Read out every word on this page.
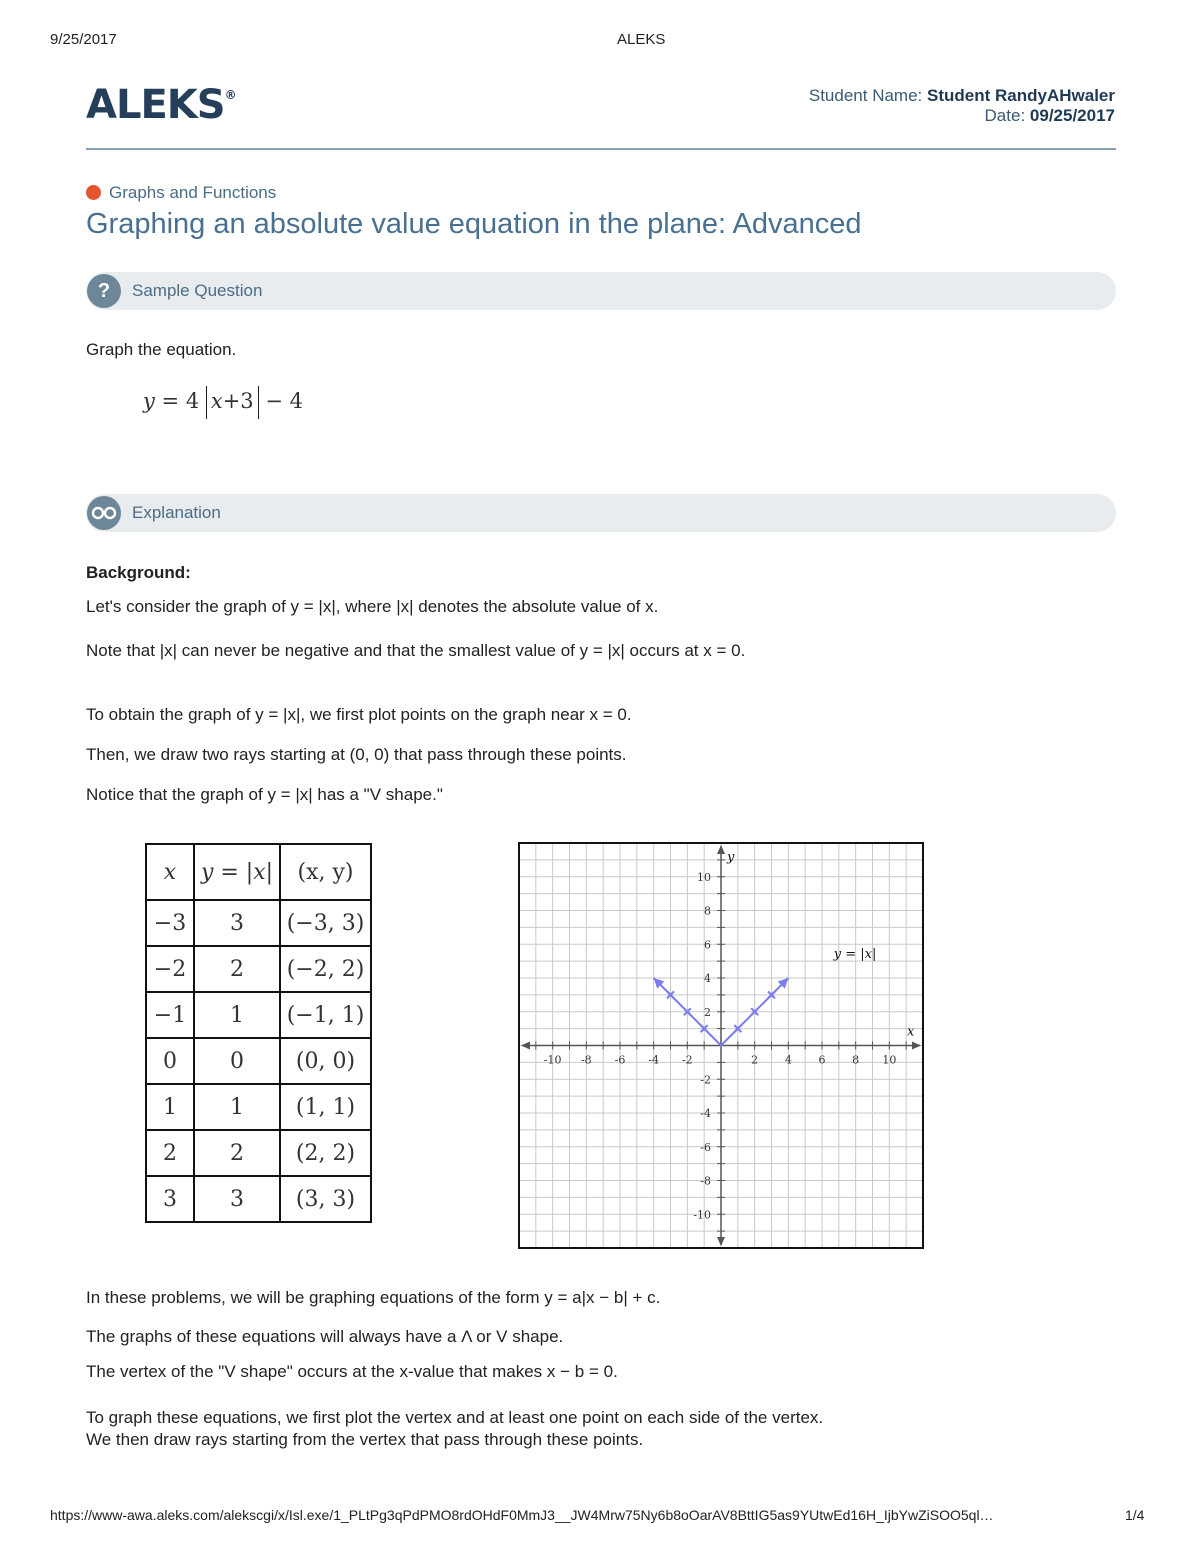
9/25/2017	ALEKS
ALEKS®	Student Name: Student RandyAHwaler
Date: 09/25/2017
Graphs and Functions
Graphing an absolute value equation in the plane: Advanced
?	Sample Question
Graph the equation.
y = 4 x+3 − 4
Explanation
Background:
Let's consider the graph of y = |x|, where |x| denotes the absolute value of x.
Note that |x| can never be negative and that the smallest value of y = |x| occurs at x = 0.
To obtain the graph of y = |x|, we first plot points on the graph near x = 0.
Then, we draw two rays starting at (0, 0) that pass through these points.
Notice that the graph of y = |x| has a "V shape."
x	y = |x|	(x, y)
−3	3	(−3, 3)
−2	2	(−2, 2)
−1	1	(−1, 1)
0	0	(0, 0)
1	1	(1, 1)
2	2	(2, 2)
3	3	(3, 3)
-10 -8 -6 -4 -2	2 4 6 8 10
-10
-8
-6
-4
-2
2
4
6
8
10
x
y
y = |x|
In these problems, we will be graphing equations of the form y = a|x − b| + c.
The graphs of these equations will always have a Λ or V shape.
The vertex of the "V shape" occurs at the x-value that makes x − b = 0.
To graph these equations, we first plot the vertex and at least one point on each side of the vertex.
We then draw rays starting from the vertex that pass through these points.
https://www-awa.aleks.com/alekscgi/x/Isl.exe/1_PLtPg3qPdPMO8rdOHdF0MmJ3__JW4Mrw75Ny6b8oOarAV8BttIG5as9YUtwEd16H_IjbYwZiSOO5ql…	1/4
